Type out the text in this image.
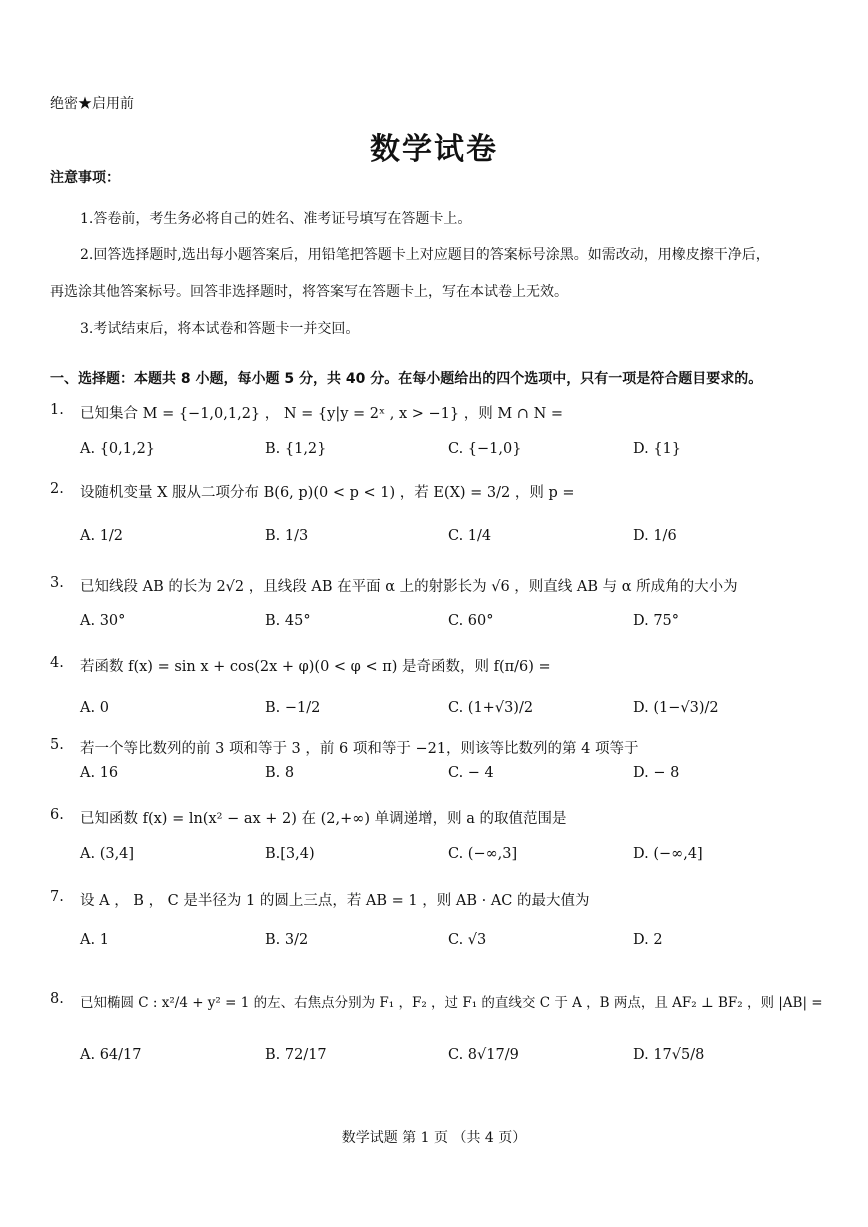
绝密★启用前
数学试卷
注意事项：
1.答卷前，考生务必将自己的姓名、准考证号填写在答题卡上。
2.回答选择题时,选出每小题答案后，用铅笔把答题卡上对应题目的答案标号涂黑。如需改动，用橡皮擦干净后，
再选涂其他答案标号。回答非选择题时，将答案写在答题卡上，写在本试卷上无效。
3.考试结束后，将本试卷和答题卡一并交回。
一、选择题：本题共 8 小题，每小题 5 分，共 40 分。在每小题给出的四个选项中，只有一项是符合题目要求的。
1. 已知集合 M = {−1,0,1,2} ， N = {y|y = 2ˣ , x > −1} ，则 M ∩ N =
A. {0,1,2}	B. {1,2}	C. {−1,0}	D. {1}
2. 设随机变量 X 服从二项分布 B(6, p)(0 < p < 1) ，若 E(X) = 3/2 ，则 p =
A. 1/2	B. 1/3	C. 1/4	D. 1/6
3. 已知线段 AB 的长为 2√2 ，且线段 AB 在平面 α 上的射影长为 √6 ，则直线 AB 与 α 所成角的大小为
A. 30°	B. 45°	C. 60°	D. 75°
4. 若函数 f(x) = sin x + cos(2x + φ)(0 < φ < π) 是奇函数，则 f(π/6) =
A. 0	B. −1/2	C. (1+√3)/2	D. (1−√3)/2
5. 若一个等比数列的前 3 项和等于 3 ，前 6 项和等于 −21，则该等比数列的第 4 项等于
A. 16	B. 8	C. − 4	D. − 8
6. 已知函数 f(x) = ln(x² − ax + 2) 在 (2,+∞) 单调递增，则 a 的取值范围是
A. (3,4]	B.[3,4)	C. (−∞,3]	D. (−∞,4]
7. 设 A ， B ， C 是半径为 1 的圆上三点，若 AB = 1 ，则 AB · AC 的最大值为
A. 1	B. 3/2	C. √3	D. 2
8. 已知椭圆 C : x²/4 + y² = 1 的左、右焦点分别为 F₁ ，F₂ ，过 F₁ 的直线交 C 于 A ，B 两点，且 AF₂ ⊥ BF₂ ，则 |AB| =
A. 64/17	B. 72/17	C. 8√17/9	D. 17√5/8
数学试题 第 1 页 （共 4 页）
